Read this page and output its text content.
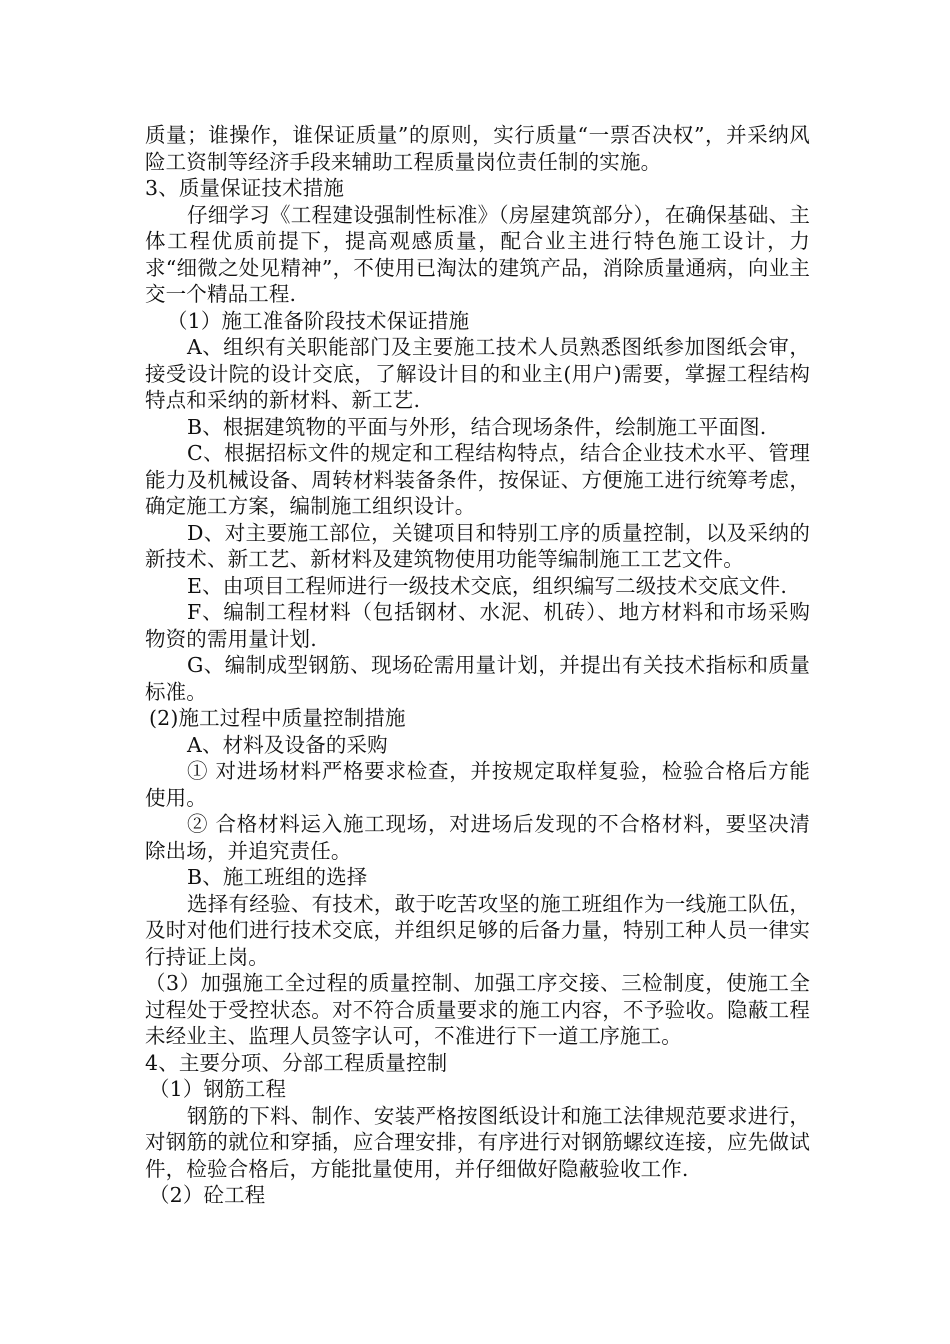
质量；谁操作，谁保证质量”的原则，实行质量“一票否决权”，并采纳风险工资制等经济手段来辅助工程质量岗位责任制的实施。

3、质量保证技术措施

仔细学习《工程建设强制性标准》（房屋建筑部分），在确保基础、主体工程优质前提下，提高观感质量，配合业主进行特色施工设计，力求“细微之处见精神”，不使用已淘汰的建筑产品，消除质量通病，向业主交一个精品工程.

（1）施工准备阶段技术保证措施

A、组织有关职能部门及主要施工技术人员熟悉图纸参加图纸会审，接受设计院的设计交底，了解设计目的和业主(用户)需要，掌握工程结构特点和采纳的新材料、新工艺.

B、根据建筑物的平面与外形，结合现场条件，绘制施工平面图.

C、根据招标文件的规定和工程结构特点，结合企业技术水平、管理能力及机械设备、周转材料装备条件，按保证、方便施工进行统筹考虑，确定施工方案，编制施工组织设计。

D、对主要施工部位，关键项目和特别工序的质量控制，以及采纳的新技术、新工艺、新材料及建筑物使用功能等编制施工工艺文件。

E、由项目工程师进行一级技术交底，组织编写二级技术交底文件.

F、编制工程材料（包括钢材、水泥、机砖）、地方材料和市场采购物资的需用量计划.

G、编制成型钢筋、现场砼需用量计划，并提出有关技术指标和质量标准。

(2)施工过程中质量控制措施

A、材料及设备的采购

① 对进场材料严格要求检查，并按规定取样复验，检验合格后方能使用。

② 合格材料运入施工现场，对进场后发现的不合格材料，要坚决清除出场，并追究责任。

B、施工班组的选择

选择有经验、有技术，敢于吃苦攻坚的施工班组作为一线施工队伍，及时对他们进行技术交底，并组织足够的后备力量，特别工种人员一律实行持证上岗。

（3）加强施工全过程的质量控制、加强工序交接、三检制度，使施工全过程处于受控状态。对不符合质量要求的施工内容，不予验收。隐蔽工程未经业主、监理人员签字认可，不准进行下一道工序施工。

4、主要分项、分部工程质量控制

（1）钢筋工程

钢筋的下料、制作、安装严格按图纸设计和施工法律规范要求进行，对钢筋的就位和穿插，应合理安排，有序进行对钢筋螺纹连接，应先做试件，检验合格后，方能批量使用，并仔细做好隐蔽验收工作.

（2）砼工程
